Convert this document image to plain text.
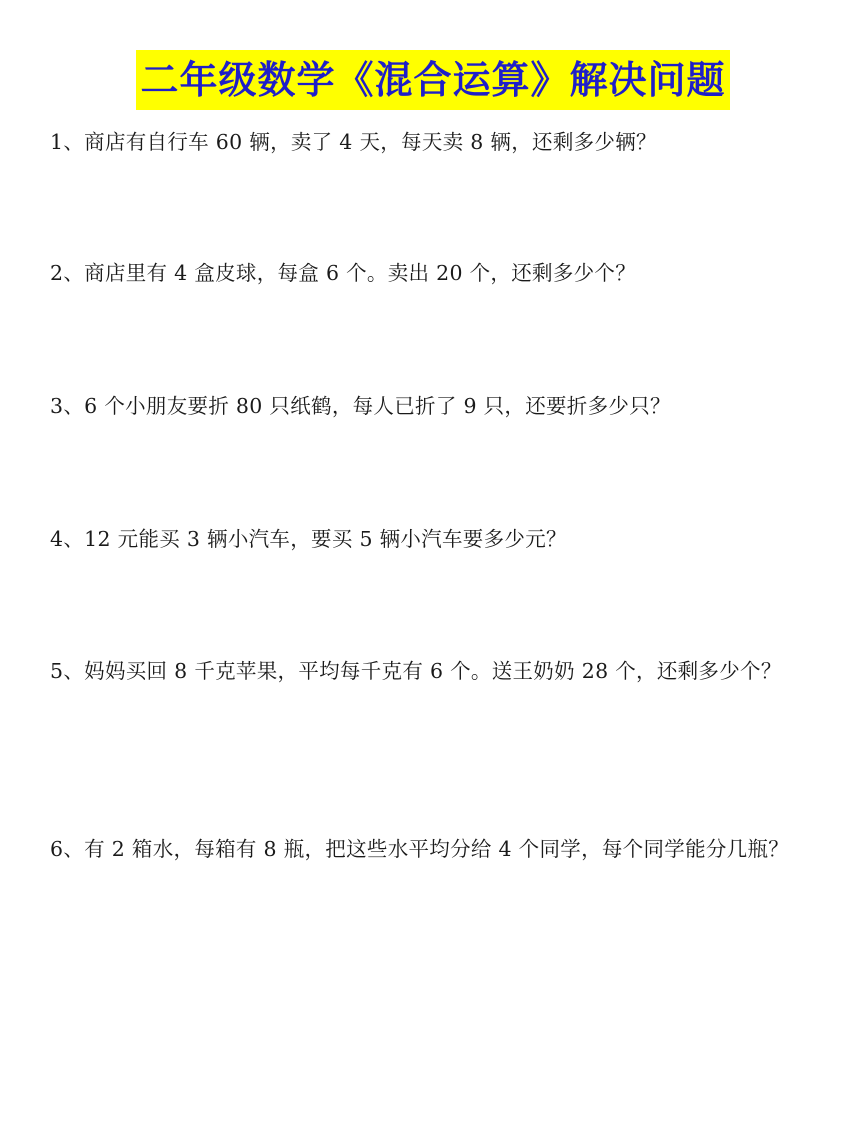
二年级数学《混合运算》解决问题
1、商店有自行车 60 辆，卖了 4 天，每天卖 8 辆，还剩多少辆？
2、商店里有 4 盒皮球，每盒 6 个。卖出 20 个，还剩多少个？
3、6 个小朋友要折 80 只纸鹤，每人已折了 9 只，还要折多少只？
4、12 元能买 3 辆小汽车，要买 5 辆小汽车要多少元？
5、妈妈买回 8 千克苹果，平均每千克有 6 个。送王奶奶 28 个，还剩多少个？
6、有 2 箱水，每箱有 8 瓶，把这些水平均分给 4 个同学，每个同学能分几瓶？
